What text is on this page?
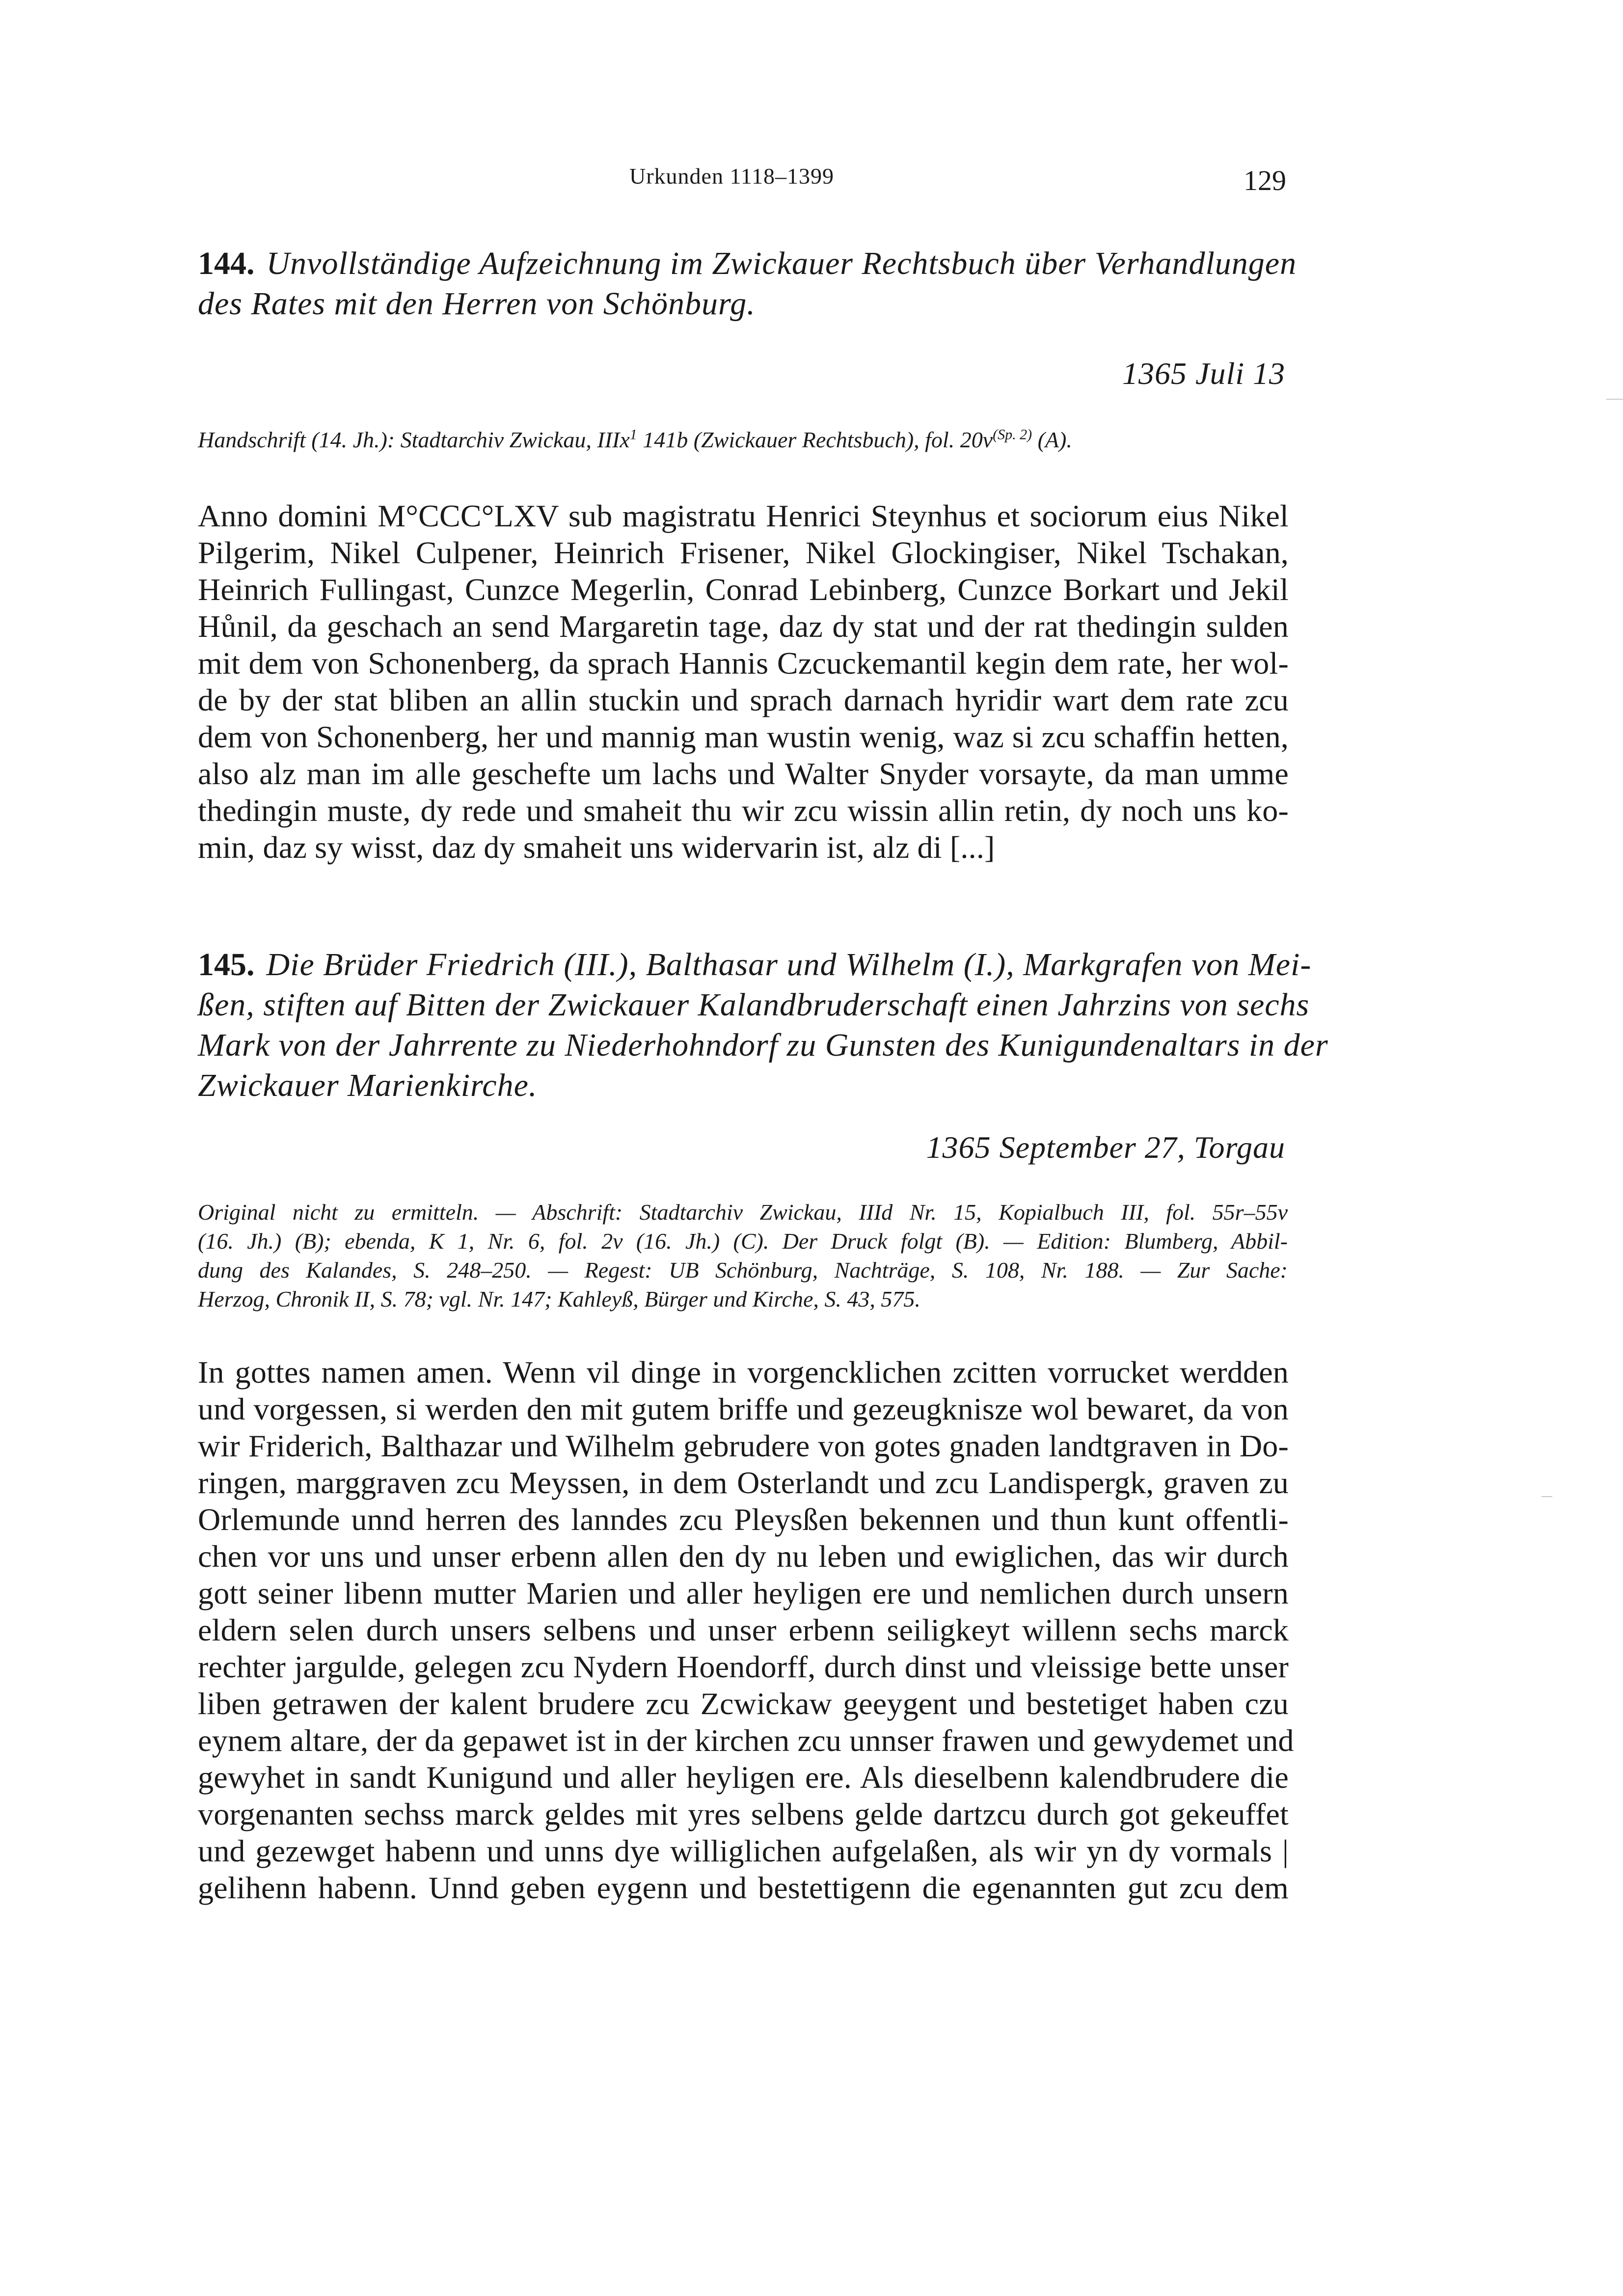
Urkunden 1118–1399	129
144. Unvollständige Aufzeichnung im Zwickauer Rechtsbuch über Verhandlungen
des Rates mit den Herren von Schönburg.
1365 Juli 13
Handschrift (14. Jh.): Stadtarchiv Zwickau, IIIx$^1$ 141b (Zwickauer Rechtsbuch), fol. $20v^{(Sp. 2)}$ (A).
Anno domini M°CCC°LXV sub magistratu Henrici Steynhus et sociorum eius Nikel
Pilgerim, Nikel Culpener, Heinrich Frisener, Nikel Glockingiser, Nikel Tschakan,
Heinrich Fullingast, Cunzce Megerlin, Conrad Lebinberg, Cunzce Borkart und Jekil
Hůnil, da geschach an send Margaretin tage, daz dy stat und der rat thedingin sulden
mit dem von Schonenberg, da sprach Hannis Czcuckemantil kegin dem rate, her wol-
de by der stat bliben an allin stuckin und sprach darnach hyridir wart dem rate zcu
dem von Schonenberg, her und mannig man wustin wenig, waz si zcu schaffin hetten,
also alz man im alle geschefte um lachs und Walter Snyder vorsayte, da man umme
thedingin muste, dy rede und smaheit thu wir zcu wissin allin retin, dy noch uns ko-
min, daz sy wisst, daz dy smaheit uns widervarin ist, alz di [...]
145. Die Brüder Friedrich (III.), Balthasar und Wilhelm (I.), Markgrafen von Mei-
ßen, stiften auf Bitten der Zwickauer Kalandbruderschaft einen Jahrzins von sechs
Mark von der Jahrrente zu Niederhohndorf zu Gunsten des Kunigundenaltars in der
Zwickauer Marienkirche.
1365 September 27, Torgau
Original nicht zu ermitteln. — Abschrift: Stadtarchiv Zwickau, IIId Nr. 15, Kopialbuch III, fol. 55r–55v
(16. Jh.) (B); ebenda, K 1, Nr. 6, fol. 2v (16. Jh.) (C). Der Druck folgt (B). — Edition: Blumberg, Abbil-
dung des Kalandes, S. 248–250. — Regest: UB Schönburg, Nachträge, S. 108, Nr. 188. — Zur Sache:
Herzog, Chronik II, S. 78; vgl. Nr. 147; Kahleyß, Bürger und Kirche, S. 43, 575.
In gottes namen amen. Wenn vil dinge in vorgencklichen zcitten vorrucket werdden
und vorgessen, si werden den mit gutem briffe und gezeugknisze wol bewaret, da von
wir Friderich, Balthazar und Wilhelm gebrudere von gotes gnaden landtgraven in Do-
ringen, marggraven zcu Meyssen, in dem Osterlandt und zcu Landispergk, graven zu
Orlemunde unnd herren des lanndes zcu Pleysßen bekennen und thun kunt offentli-
chen vor uns und unser erbenn allen den dy nu leben und ewiglichen, das wir durch
gott seiner libenn mutter Marien und aller heyligen ere und nemlichen durch unsern
eldern selen durch unsers selbens und unser erbenn seiligkeyt willenn sechs marck
rechter jargulde, gelegen zcu Nydern Hoendorff, durch dinst und vleissige bette unser
liben getrawen der kalent brudere zcu Zcwickaw geeygent und bestetiget haben czu
eynem altare, der da gepawet ist in der kirchen zcu unnser frawen und gewydemet und
gewyhet in sandt Kunigund und aller heyligen ere. Als dieselbenn kalendbrudere die
vorgenanten sechss marck geldes mit yres selbens gelde dartzcu durch got gekeuffet
und gezewget habenn und unns dye williglichen aufgelaßen, als wir yn dy vormals |
gelihenn habenn. Unnd geben eygenn und bestettigenn die egenannten gut zcu dem
